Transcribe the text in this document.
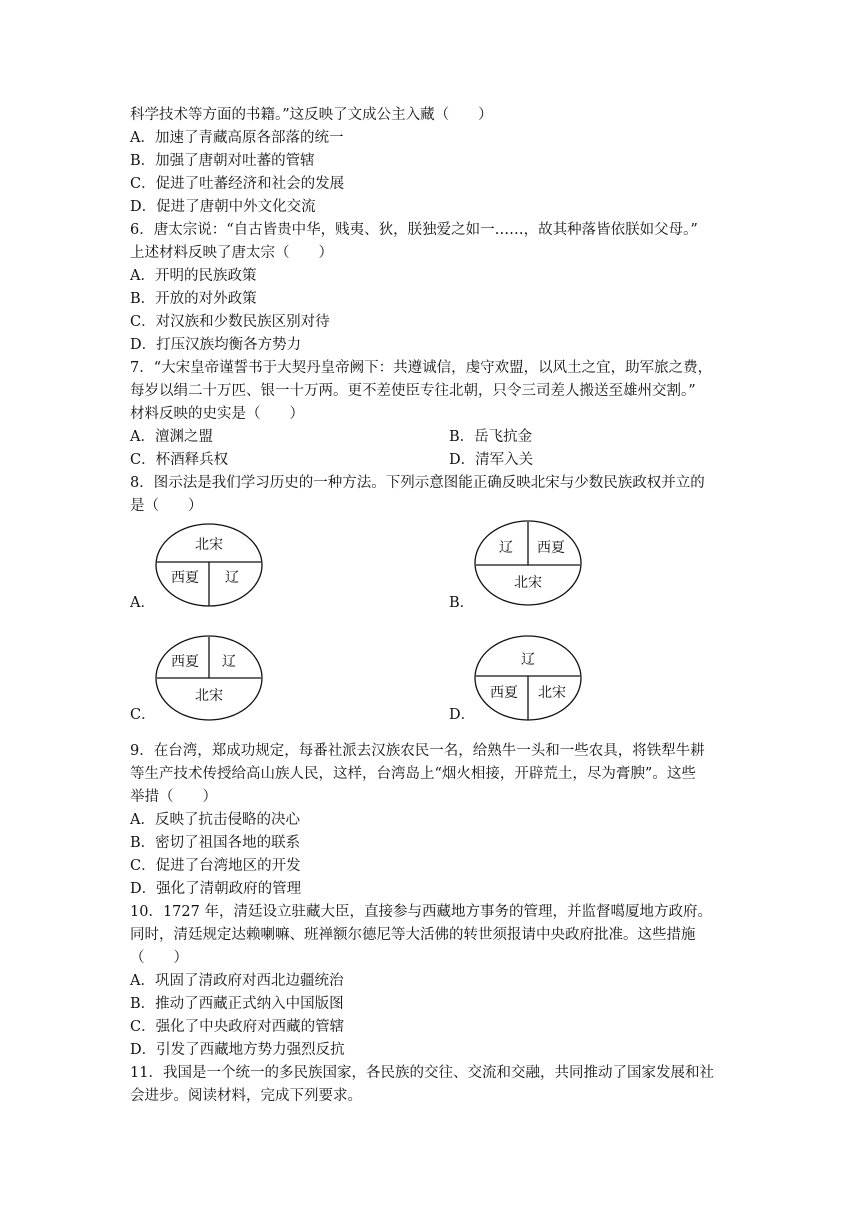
科学技术等方面的书籍。”这反映了文成公主入藏（　　）
A．加速了青藏高原各部落的统一
B．加强了唐朝对吐蕃的管辖
C．促进了吐蕃经济和社会的发展
D．促进了唐朝中外文化交流
6．唐太宗说：“自古皆贵中华，贱夷、狄，朕独爱之如一……，故其种落皆依朕如父母。”
上述材料反映了唐太宗（　　）
A．开明的民族政策
B．开放的对外政策
C．对汉族和少数民族区别对待
D．打压汉族均衡各方势力
7．“大宋皇帝谨誓书于大契丹皇帝阙下：共遵诚信，虔守欢盟，以风土之宜，助军旅之费，
每岁以绢二十万匹、银一十万两。更不差使臣专往北朝，只令三司差人搬送至雄州交割。”
材料反映的史实是（　　）
A．澶渊之盟	B．岳飞抗金
C．杯酒释兵权	D．清军入关
8．图示法是我们学习历史的一种方法。下列示意图能正确反映北宋与少数民族政权并立的
是（　　）
A．
北宋
西夏 辽
B．
辽 西夏
北宋
C．
西夏 辽
北宋
D．
辽
西夏 北宋
9．在台湾，郑成功规定，每番社派去汉族农民一名，给熟牛一头和一些农具，将铁犁牛耕
等生产技术传授给高山族人民，这样，台湾岛上“烟火相接，开辟荒土，尽为膏腴”。这些
举措（　　）
A．反映了抗击侵略的决心
B．密切了祖国各地的联系
C．促进了台湾地区的开发
D．强化了清朝政府的管理
10．1727 年，清廷设立驻藏大臣，直接参与西藏地方事务的管理，并监督噶厦地方政府。
同时，清廷规定达赖喇嘛、班禅额尔德尼等大活佛的转世须报请中央政府批准。这些措施
（　　）
A．巩固了清政府对西北边疆统治
B．推动了西藏正式纳入中国版图
C．强化了中央政府对西藏的管辖
D．引发了西藏地方势力强烈反抗
11．我国是一个统一的多民族国家，各民族的交往、交流和交融，共同推动了国家发展和社
会进步。阅读材料，完成下列要求。
